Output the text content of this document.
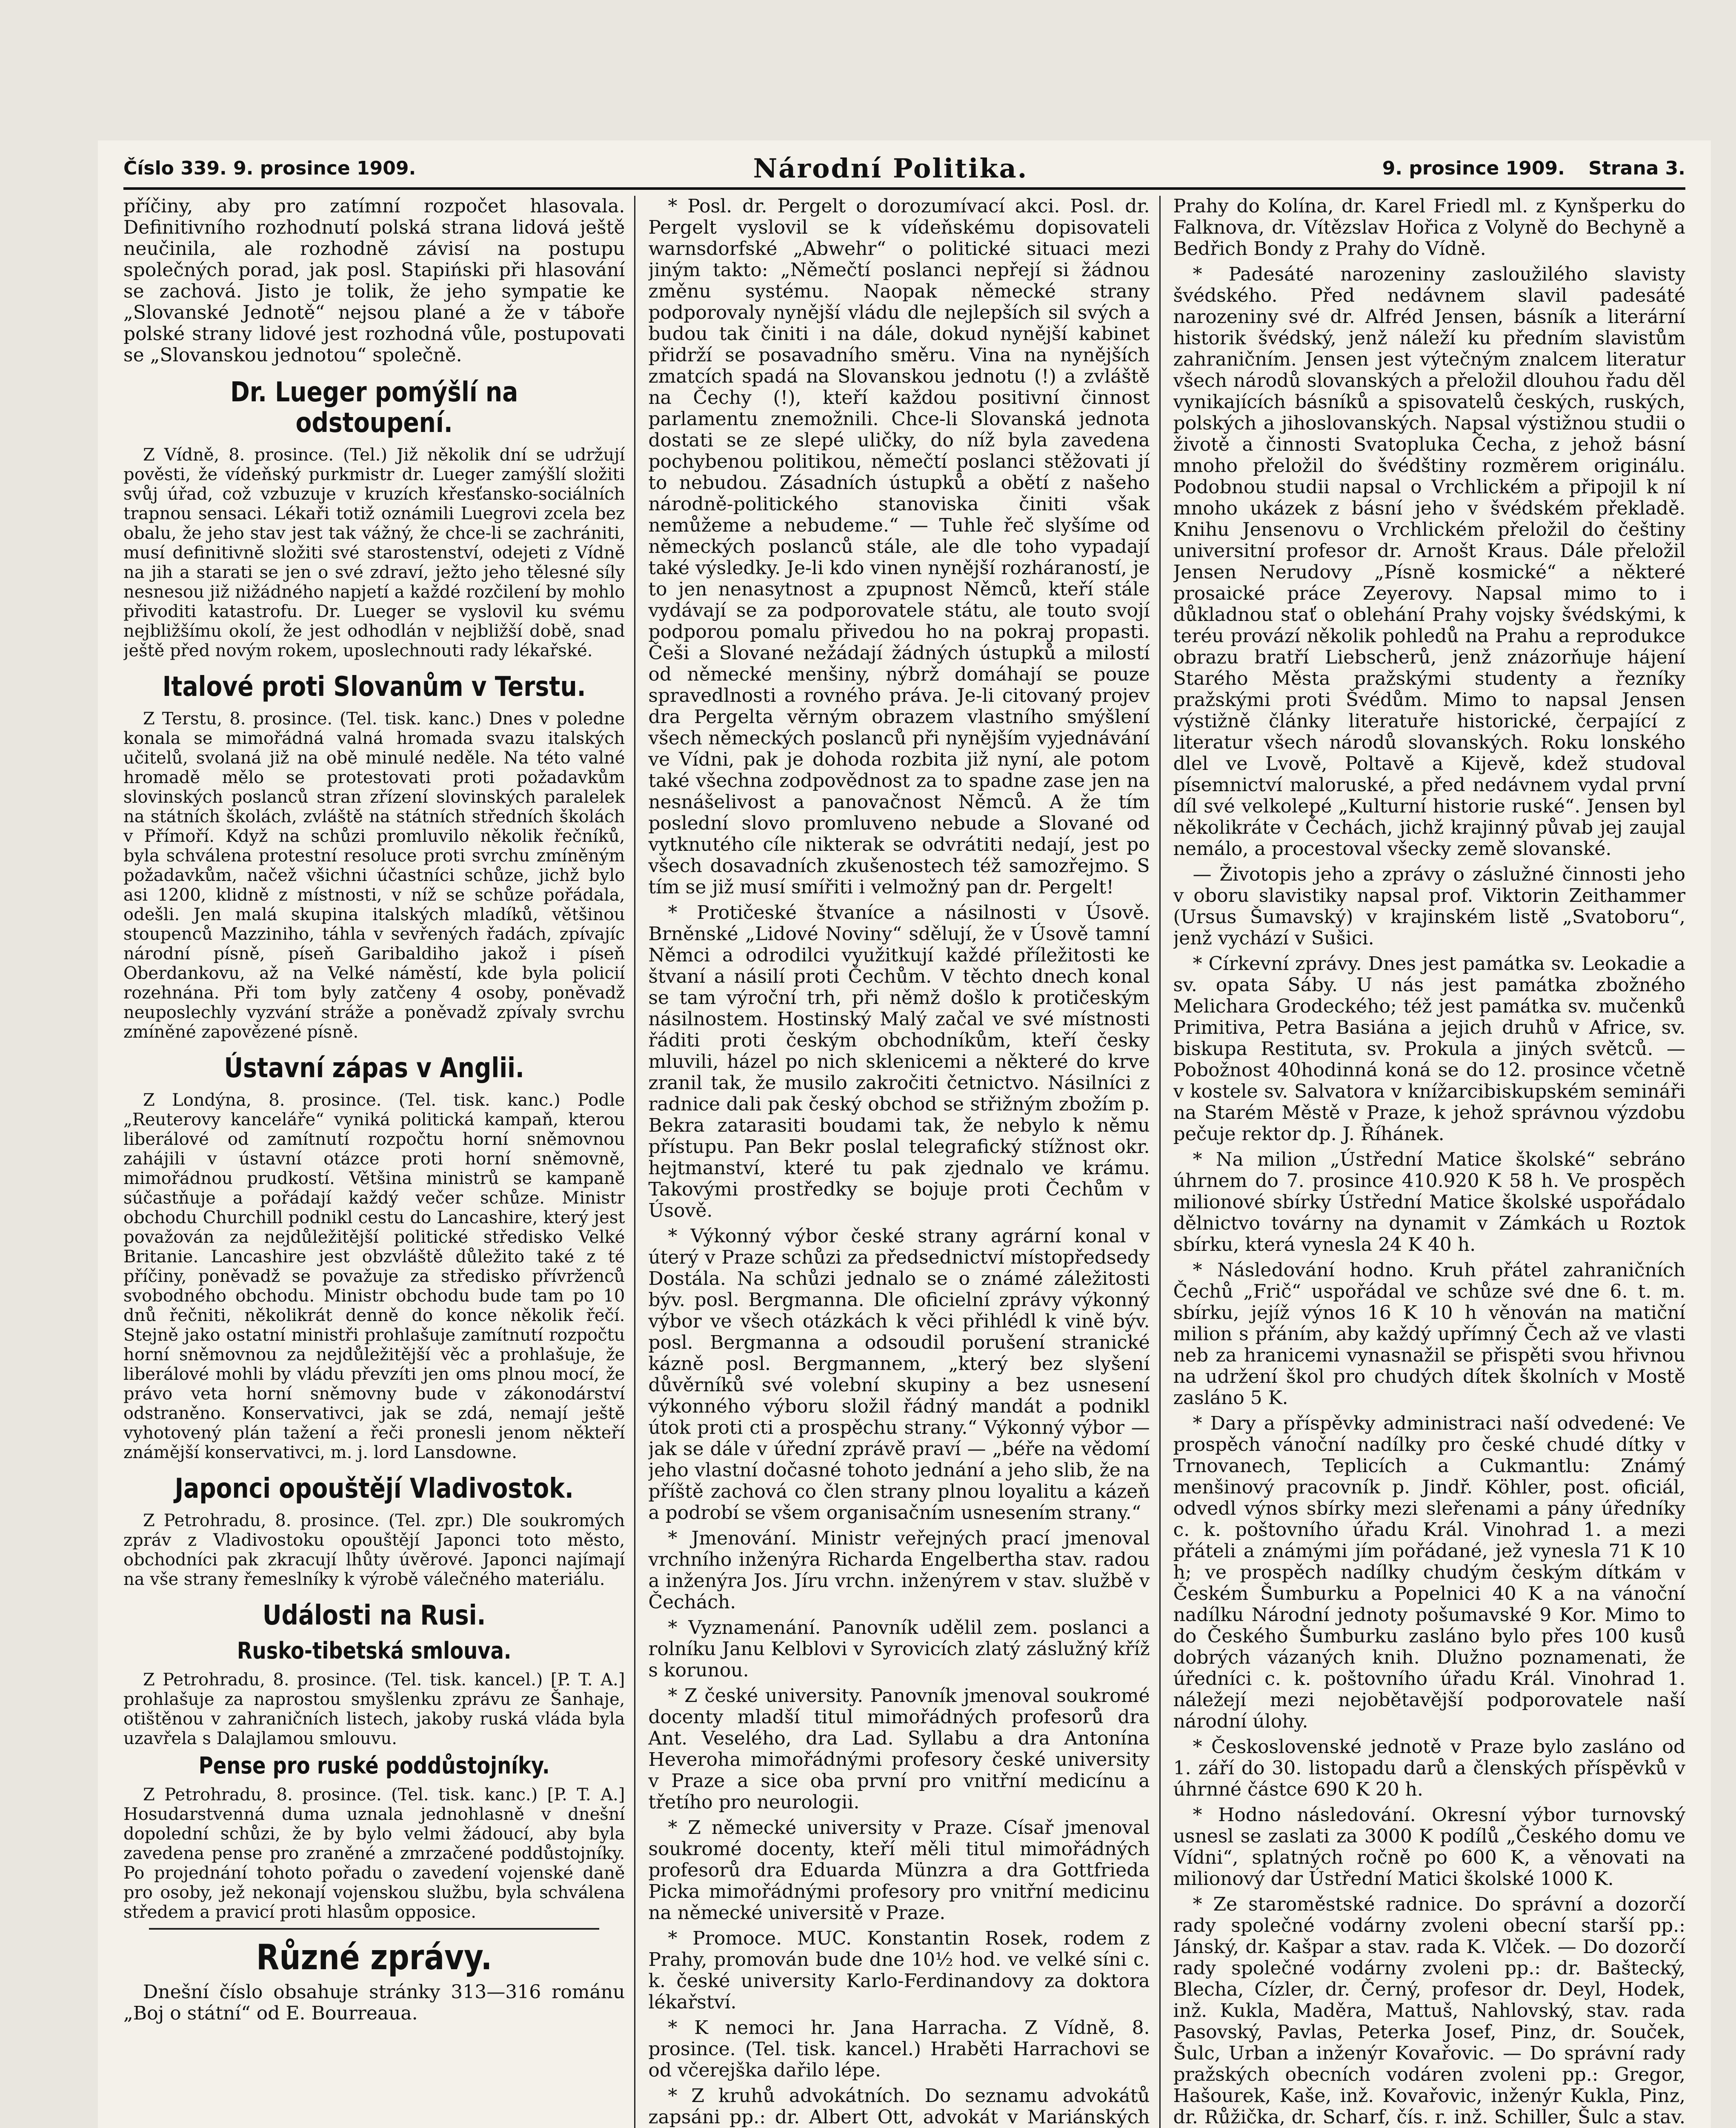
Číslo 339. 9. prosince 1909.	Národní Politika.	9. prosince 1909. Strana 3.

příčiny, aby pro zatímní rozpočet hlasovala. Definitivního rozhodnutí polská strana lidová ještě neučinila, ale rozhodně závisí na postupu společných porad, jak posl. Stapiński při hlasování se zachová. Jisto je tolik, že jeho sympatie ke „Slovanské Jednotě“ nejsou plané a že v táboře polské strany lidové jest rozhodná vůle, postupovati se „Slovanskou jednotou“ společně.

Dr. Lueger pomýšlí na odstoupení.

Z Vídně, 8. prosince. (Tel.) Již několik dní se udržují pověsti, že vídeňský purkmistr dr. Lueger zamýšlí složiti svůj úřad, což vzbuzuje v kruzích křesťansko-sociálních trapnou sensaci. Lékaři totiž oznámili Luegrovi zcela bez obalu, že jeho stav jest tak vážný, že chce-li se zachrániti, musí definitivně složiti své starostenství, odejeti z Vídně na jih a starati se jen o své zdraví, ježto jeho tělesné síly nesnesou již nižádného napjetí a každé rozčilení by mohlo přivoditi katastrofu. Dr. Lueger se vyslovil ku svému nejbližšímu okolí, že jest odhodlán v nejbližší době, snad ještě před novým rokem, uposlechnouti rady lékařské.

Italové proti Slovanům v Terstu.

Z Terstu, 8. prosince. (Tel. tisk. kanc.) Dnes v poledne konala se mimořádná valná hromada svazu italských učitelů, svolaná již na obě minulé neděle. Na této valné hromadě mělo se protestovati proti požadavkům slovinských poslanců stran zřízení slovinských paralelek na státních školách, zvláště na státních středních školách v Přímoří. Když na schůzi promluvilo několik řečníků, byla schválena protestní resoluce proti svrchu zmíněným požadavkům, načež všichni účastníci schůze, jichž bylo asi 1200, klidně z místnosti, v níž se schůze pořádala, odešli. Jen malá skupina italských mladíků, většinou stoupenců Mazziniho, táhla v sevřených řadách, zpívajíc národní písně, píseň Garibaldiho jakož i píseň Oberdankovu, až na Velké náměstí, kde byla policií rozehnána. Při tom byly zatčeny 4 osoby, poněvadž neuposlechly vyzvání stráže a poněvadž zpívaly svrchu zmíněné zapovězené písně.

Ústavní zápas v Anglii.

Z Londýna, 8. prosince. (Tel. tisk. kanc.) Podle „Reuterovy kanceláře“ vyniká politická kampaň, kterou liberálové od zamítnutí rozpočtu horní sněmovnou zahájili v ústavní otázce proti horní sněmovně, mimořádnou prudkostí. Většina ministrů se kampaně súčastňuje a pořádají každý večer schůze. Ministr obchodu Churchill podnikl cestu do Lancashire, který jest považován za nejdůležitější politické středisko Velké Britanie. Lancashire jest obzvláště důležito také z té příčiny, poněvadž se považuje za středisko přívrženců svobodného obchodu. Ministr obchodu bude tam po 10 dnů řečniti, několikrát denně do konce několik řečí. Stejně jako ostatní ministři prohlašuje zamítnutí rozpočtu horní sněmovnou za nejdůležitější věc a prohlašuje, že liberálové mohli by vládu převzíti jen oms plnou mocí, že právo veta horní sněmovny bude v zákonodárství odstraněno. Konservativci, jak se zdá, nemají ještě vyhotovený plán tažení a řeči pronesli jenom někteří známější konservativci, m. j. lord Lansdowne.

Japonci opouštějí Vladivostok.

Z Petrohradu, 8. prosince. (Tel. zpr.) Dle soukromých zpráv z Vladivostoku opouštějí Japonci toto město, obchodníci pak zkracují lhůty úvěrové. Japonci najímají na vše strany řemeslníky k výrobě válečného materiálu.

Události na Rusi.
Rusko-tibetská smlouva.

Z Petrohradu, 8. prosince. (Tel. tisk. kancel.) [P. T. A.] prohlašuje za naprostou smyšlenku zprávu ze Šanhaje, otištěnou v zahraničních listech, jakoby ruská vláda byla uzavřela s Dalajlamou smlouvu.

Pense pro ruské poddůstojníky.

Z Petrohradu, 8. prosince. (Tel. tisk. kanc.) [P. T. A.] Hosudarstvenná duma uznala jednohlasně v dnešní dopolední schůzi, že by bylo velmi žádoucí, aby byla zavedena pense pro zraněné a zmrzačené poddůstojníky. Po projednání tohoto pořadu o zavedení vojenské daně pro osoby, jež nekonají vojenskou službu, byla schválena středem a pravicí proti hlasům opposice.

Různé zprávy.

Dnešní číslo obsahuje stránky 313—316 románu „Boj o státní“ od E. Bourreaua.

* Posl. dr. Pergelt o dorozumívací akci. Posl. dr. Pergelt vyslovil se k vídeňskému dopisovateli warnsdorfské „Abwehr“ o politické situaci mezi jiným takto: „Němečtí poslanci nepřejí si žádnou změnu systému. Naopak německé strany podporovaly nynější vládu dle nejlepších sil svých a budou tak činiti i na dále, dokud nynější kabinet přidrží se posavadního směru. Vina na nynějších zmatcích spadá na Slovanskou jednotu (!) a zvláště na Čechy (!), kteří každou positivní činnost parlamentu znemožnili. Chce-li Slovanská jednota dostati se ze slepé uličky, do níž byla zavedena pochybenou politikou, němečtí poslanci stěžovati jí to nebudou. Zásadních ústupků a obětí z našeho národně-politického stanoviska činiti však nemůžeme a nebudeme.“ — Tuhle řeč slyšíme od německých poslanců stále, ale dle toho vypadají také výsledky. Je-li kdo vinen nynější rozháraností, je to jen nenasytnost a zpupnost Němců, kteří stále vydávají se za podporovatele státu, ale touto svojí podporou pomalu přivedou ho na pokraj propasti. Češi a Slované nežádají žádných ústupků a milostí od německé menšiny, nýbrž domáhají se pouze spravedlnosti a rovného práva. Je-li citovaný projev dra Pergelta věrným obrazem vlastního smýšlení všech německých poslanců při nynějším vyjednávání ve Vídni, pak je dohoda rozbita již nyní, ale potom také všechna zodpovědnost za to spadne zase jen na nesnášelivost a panovačnost Němců. A že tím poslední slovo promluveno nebude a Slované od vytknutého cíle nikterak se odvrátiti nedají, jest po všech dosavadních zkušenostech též samozřejmo. S tím se již musí smířiti i velmožný pan dr. Pergelt!

* Protičeské štvaníce a násilnosti v Úsově. Brněnské „Lidové Noviny“ sdělují, že v Úsově tamní Němci a odrodilci využitkují každé příležitosti ke štvaní a násilí proti Čechům. V těchto dnech konal se tam výroční trh, při němž došlo k protičeským násilnostem. Hostinský Malý začal ve své místnosti řáditi proti českým obchodníkům, kteří česky mluvili, házel po nich sklenicemi a některé do krve zranil tak, že musilo zakročiti četnictvo. Násilníci z radnice dali pak český obchod se střižným zbožím p. Bekra zatarasiti boudami tak, že nebylo k němu přístupu. Pan Bekr poslal telegrafický stížnost okr. hejtmanství, které tu pak zjednalo ve krámu. Takovými prostředky se bojuje proti Čechům v Úsově.

* Výkonný výbor české strany agrární konal v úterý v Praze schůzi za předsednictví místopředsedy Dostála. Na schůzi jednalo se o známé záležitosti býv. posl. Bergmanna. Dle oficielní zprávy výkonný výbor ve všech otázkách k věci přihlédl k vině býv. posl. Bergmanna a odsoudil porušení stranické kázně posl. Bergmannem, „který bez slyšení důvěrníků své volební skupiny a bez usnesení výkonného výboru složil řádný mandát a podnikl útok proti cti a prospěchu strany.“ Výkonný výbor — jak se dále v úřední zprávě praví — „béře na vědomí jeho vlastní dočasné tohoto jednání a jeho slib, že na příště zachová co člen strany plnou loyalitu a kázeň a podrobí se všem organisačním usnesením strany.“

* Jmenování. Ministr veřejných prací jmenoval vrchního inženýra Richarda Engelbertha stav. radou a inženýra Jos. Jíru vrchn. inženýrem v stav. službě v Čechách.

* Vyznamenání. Panovník udělil zem. poslanci a rolníku Janu Kelblovi v Syrovicích zlatý záslužný kříž s korunou.

* Z české university. Panovník jmenoval soukromé docenty mladší titul mimořádných profesorů dra Ant. Veselého, dra Lad. Syllabu a dra Antonína Heveroha mimořádnými profesory české university v Praze a sice oba první pro vnitřní medicínu a třetího pro neurologii.

* Z německé university v Praze. Císař jmenoval soukromé docenty, kteří měli titul mimořádných profesorů dra Eduarda Münzra a dra Gottfrieda Picka mimořádnými profesory pro vnitřní medicinu na německé universitě v Praze.

* Promoce. MUC. Konstantin Rosek, rodem z Prahy, promován bude dne 10½ hod. ve velké síni c. k. české university Karlo-Ferdinandovy za doktora lékařství.

* K nemoci hr. Jana Harracha. Z Vídně, 8. prosince. (Tel. tisk. kancel.) Hraběti Harrachovi se od včerejška dařilo lépe.

* Z kruhů advokátních. Do seznamu advokátů zapsáni pp.: dr. Albert Ott, advokát v Mariánských

Prahy do Kolína, dr. Karel Friedl ml. z Kynšperku do Falknova, dr. Vítězslav Hořica z Volyně do Bechyně a Bedřich Bondy z Prahy do Vídně.

* Padesáté narozeniny zasloužilého slavisty švédského. Před nedávnem slavil padesáté narozeniny své dr. Alfréd Jensen, básník a literární historik švédský, jenž náleží ku předním slavistům zahraničním. Jensen jest výtečným znalcem literatur všech národů slovanských a přeložil dlouhou řadu děl vynikajících básníků a spisovatelů českých, ruských, polských a jihoslovanských. Napsal výstižnou studii o životě a činnosti Svatopluka Čecha, z jehož básní mnoho přeložil do švédštiny rozměrem originálu. Podobnou studii napsal o Vrchlickém a připojil k ní mnoho ukázek z básní jeho v švédském překladě. Knihu Jensenovu o Vrchlickém přeložil do češtiny universitní profesor dr. Arnošt Kraus. Dále přeložil Jensen Nerudovy „Písně kosmické“ a některé prosaické práce Zeyerovy. Napsal mimo to i důkladnou stať o oblehání Prahy vojsky švédskými, k teréu provází několik pohledů na Prahu a reprodukce obrazu bratří Liebscherů, jenž znázorňuje hájení Starého Města pražskými studenty a řezníky pražskými proti Švédům. Mimo to napsal Jensen výstižně články literatuře historické, čerpající z literatur všech národů slovanských. Roku lonského dlel ve Lvově, Poltavě a Kijevě, kdež studoval písemnictví maloruské, a před nedávnem vydal první díl své velkolepé „Kulturní historie ruské“. Jensen byl několikráte v Čechách, jichž krajinný půvab jej zaujal nemálo, a procestoval všecky země slovanské.

— Životopis jeho a zprávy o záslužné činnosti jeho v oboru slavistiky napsal prof. Viktorin Zeithammer (Ursus Šumavský) v krajinském listě „Svatoboru“, jenž vychází v Sušici.

* Církevní zprávy. Dnes jest památka sv. Leokadie a sv. opata Sáby. U nás jest památka zbožného Melichara Grodeckého; též jest památka sv. mučenků Primitiva, Petra Basiána a jejich druhů v Africe, sv. biskupa Restituta, sv. Prokula a jiných světců. — Pobožnost 40hodinná koná se do 12. prosince včetně v kostele sv. Salvatora v knížarcibiskupském semináři na Starém Městě v Praze, k jehož správnou výzdobu pečuje rektor dp. J. Říhánek.

* Na milion „Ústřední Matice školské“ sebráno úhrnem do 7. prosince 410.920 K 58 h. Ve prospěch milionové sbírky Ústřední Matice školské uspořádalo dělnictvo továrny na dynamit v Zámkách u Roztok sbírku, která vynesla 24 K 40 h.

* Následování hodno. Kruh přátel zahraničních Čechů „Frič“ uspořádal ve schůze své dne 6. t. m. sbírku, jejíž výnos 16 K 10 h věnován na matiční milion s přáním, aby každý upřímný Čech až ve vlasti neb za hranicemi vynasnažil se přispěti svou hřivnou na udržení škol pro chudých dítek školních v Mostě zasláno 5 K.

* Dary a příspěvky administraci naší odvedené: Ve prospěch vánoční nadílky pro české chudé dítky v Trnovanech, Teplicích a Cukmantlu: Známý menšinový pracovník p. Jindř. Köhler, post. oficiál, odvedl výnos sbírky mezi sleřenami a pány úředníky c. k. poštovního úřadu Král. Vinohrad 1. a mezi přáteli a známými jím pořádané, jež vynesla 71 K 10 h; ve prospěch nadílky chudým českým dítkám v Českém Šumburku a Popelnici 40 K a na vánoční nadílku Národní jednoty pošumavské 9 Kor. Mimo to do Českého Šumburku zasláno bylo přes 100 kusů dobrých vázaných knih. Dlužno poznamenati, že úředníci c. k. poštovního úřadu Král. Vinohrad 1. náležejí mezi nejobětavější podporovatele naší národní úlohy.

* Československé jednotě v Praze bylo zasláno od 1. září do 30. listopadu darů a členských příspěvků v úhrnné částce 690 K 20 h.

* Hodno následování. Okresní výbor turnovský usnesl se zaslati za 3000 K podílů „Českého domu ve Vídni“, splatných ročně po 600 K, a věnovati na milionový dar Ústřední Matici školské 1000 K.

* Ze staroměstské radnice. Do správní a dozorčí rady společné vodárny zvoleni obecní starší pp.: Jánský, dr. Kašpar a stav. rada K. Vlček. — Do dozorčí rady společné vodárny zvoleni pp.: dr. Baštecký, Blecha, Cízler, dr. Černý, profesor dr. Deyl, Hodek, inž. Kukla, Maděra, Mattuš, Nahlovský, stav. rada Pasovský, Pavlas, Peterka Josef, Pinz, dr. Souček, Šulc, Urban a inženýr Kovařovic. — Do správní rady pražských obecních vodáren zvoleni pp.: Gregor, Hašourek, Kaše, inž. Kovařovic, inženýr Kukla, Pinz, dr. Růžička, dr. Scharf, čís. r. inž. Schiller, Šulc a stav.
